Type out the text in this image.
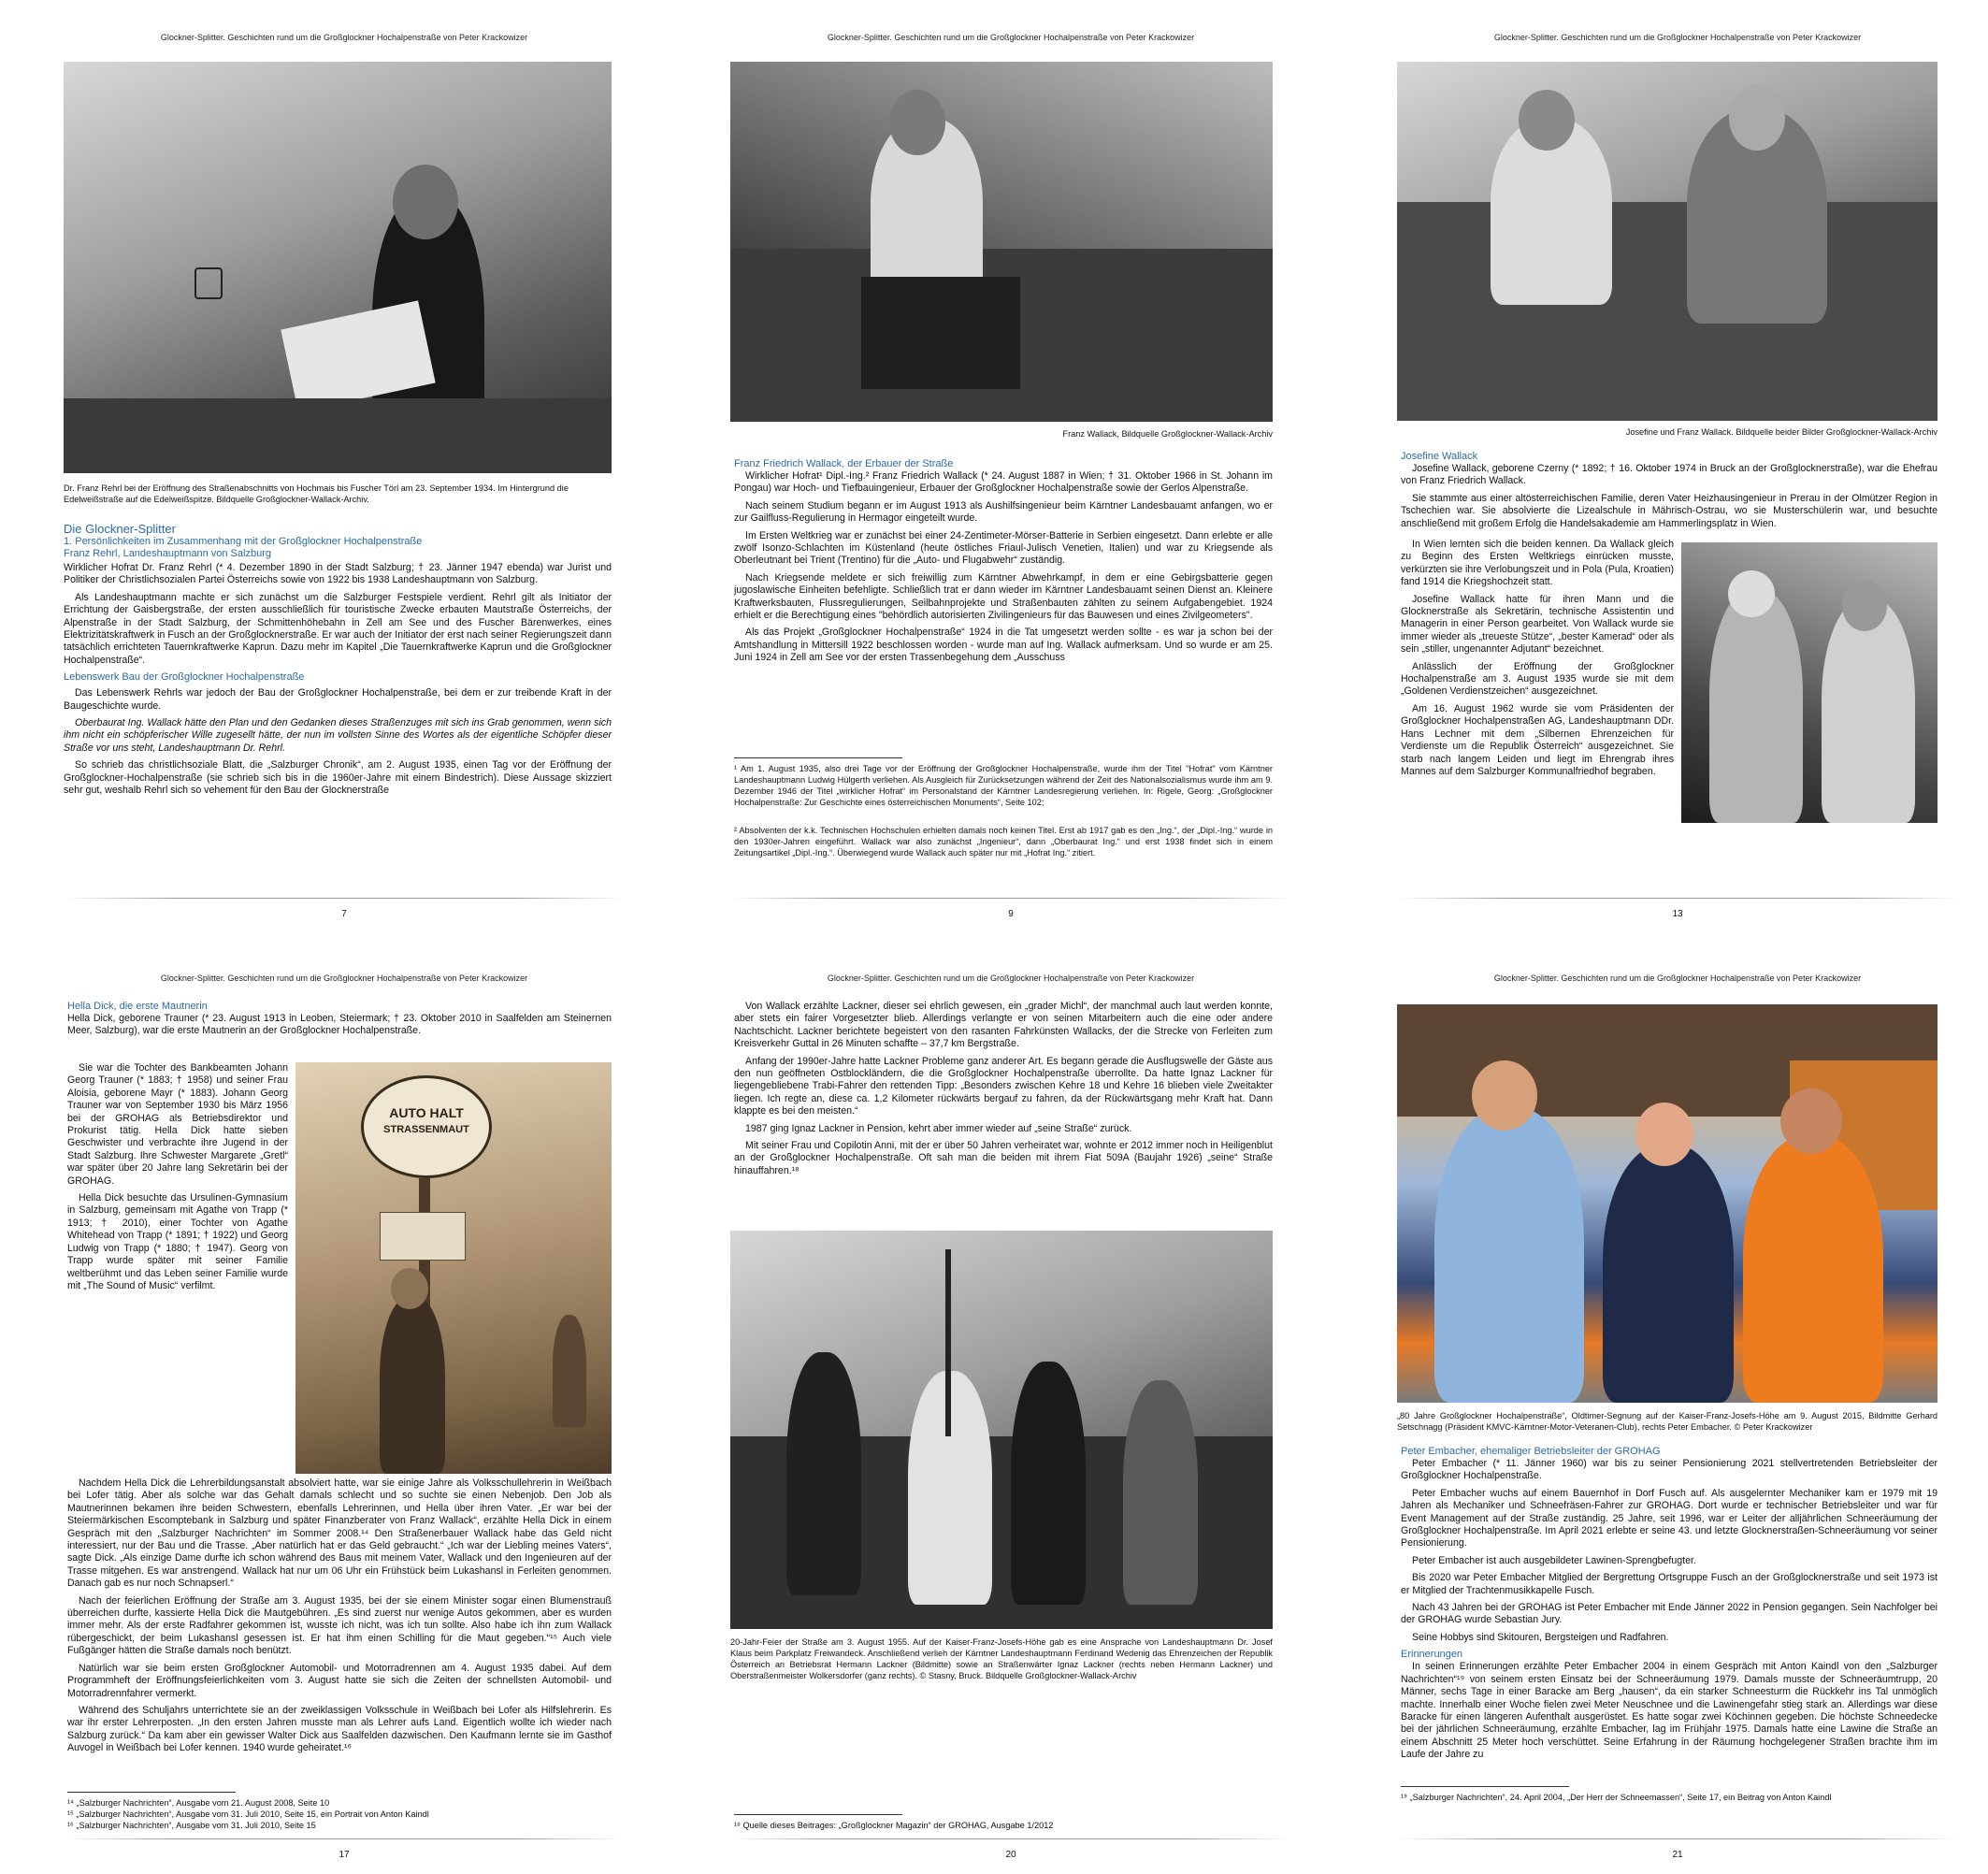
Glockner-Splitter. Geschichten rund um die Großglockner Hochalpenstraße von Peter Krackowizer
Dr. Franz Rehrl bei der Eröffnung des Straßenabschnitts von Hochmais bis Fuscher Törl am 23. September 1934. Im Hintergrund die Edelweißstraße auf die Edelweißspitze. Bildquelle Großglockner-Wallack-Archiv.
Die Glockner-Splitter
1. Persönlichkeiten im Zusammenhang mit der Großglockner Hochalpenstraße
Franz Rehrl, Landeshauptmann von Salzburg

Wirklicher Hofrat Dr. Franz Rehrl (* 4. Dezember 1890 in der Stadt Salzburg; † 23. Jänner 1947 ebenda) war Jurist und Politiker der Christlichsozialen Partei Österreichs sowie von 1922 bis 1938 Landeshauptmann von Salzburg.

Als Landeshauptmann machte er sich zunächst um die Salzburger Festspiele verdient. Rehrl gilt als Initiator der Errichtung der Gaisbergstraße, der ersten ausschließlich für touristische Zwecke erbauten Mautstraße Österreichs, der Alpenstraße in der Stadt Salzburg, der Schmittenhöhebahn in Zell am See und des Fuscher Bärenwerkes, eines Elektrizitätskraftwerk in Fusch an der Großglocknerstraße. Er war auch der Initiator der erst nach seiner Regierungszeit dann tatsächlich errichteten Tauernkraftwerke Kaprun. Dazu mehr im Kapitel „Die Tauernkraftwerke Kaprun und die Großglockner Hochalpenstraße“.

Lebenswerk Bau der Großglockner Hochalpenstraße

Das Lebenswerk Rehrls war jedoch der Bau der Großglockner Hochalpenstraße, bei dem er zur treibende Kraft in der Baugeschichte wurde.

Oberbaurat Ing. Wallack hätte den Plan und den Gedanken dieses Straßenzuges mit sich ins Grab genommen, wenn sich ihm nicht ein schöpferischer Wille zugesellt hätte, der nun im vollsten Sinne des Wortes als der eigentliche Schöpfer dieser Straße vor uns steht, Landeshauptmann Dr. Rehrl.

So schrieb das christlichsoziale Blatt, die „Salzburger Chronik“, am 2. August 1935, einen Tag vor der Eröffnung der Großglockner-Hochalpenstraße (sie schrieb sich bis in die 1960er-Jahre mit einem Bindestrich). Diese Aussage skizziert sehr gut, weshalb Rehrl sich so vehement für den Bau der Glocknerstraße

7
Glockner-Splitter. Geschichten rund um die Großglockner Hochalpenstraße von Peter Krackowizer
Franz Wallack, Bildquelle Großglockner-Wallack-Archiv
Franz Friedrich Wallack, der Erbauer der Straße

Wirklicher Hofrat¹ Dipl.-Ing.² Franz Friedrich Wallack (* 24. August 1887 in Wien; † 31. Oktober 1966 in St. Johann im Pongau) war Hoch- und Tiefbauingenieur, Erbauer der Großglockner Hochalpenstraße sowie der Gerlos Alpenstraße.

Nach seinem Studium begann er im August 1913 als Aushilfsingenieur beim Kärntner Landesbauamt anfangen, wo er zur Gailfluss-Regulierung in Hermagor eingeteilt wurde.

Im Ersten Weltkrieg war er zunächst bei einer 24-Zentimeter-Mörser-Batterie in Serbien eingesetzt. Dann erlebte er alle zwölf Isonzo-Schlachten im Küstenland (heute östliches Friaul-Julisch Venetien, Italien) und war zu Kriegsende als Oberleutnant bei Trient (Trentino) für die „Auto- und Flugabwehr“ zuständig.

Nach Kriegsende meldete er sich freiwillig zum Kärntner Abwehrkampf, in dem er eine Gebirgsbatterie gegen jugoslawische Einheiten befehligte. Schließlich trat er dann wieder im Kärntner Landesbauamt seinen Dienst an. Kleinere Kraftwerksbauten, Flussregulierungen, Seilbahnprojekte und Straßenbauten zählten zu seinem Aufgabengebiet. 1924 erhielt er die Berechtigung eines "behördlich autorisierten Zivilingenieurs für das Bauwesen und eines Zivilgeometers".

Als das Projekt „Großglockner Hochalpenstraße“ 1924 in die Tat umgesetzt werden sollte - es war ja schon bei der Amtshandlung in Mittersill 1922 beschlossen worden - wurde man auf Ing. Wallack aufmerksam. Und so wurde er am 25. Juni 1924 in Zell am See vor der ersten Trassenbegehung dem „Ausschuss

¹ Am 1. August 1935, also drei Tage vor der Eröffnung der Großglockner Hochalpenstraße, wurde ihm der Titel "Hofrat" vom Kärntner Landeshauptmann Ludwig Hülgerth verliehen. Als Ausgleich für Zurücksetzungen während der Zeit des Nationalsozialismus wurde ihm am 9. Dezember 1946 der Titel „wirklicher Hofrat“ im Personalstand der Kärntner Landesregierung verliehen. In: Rigele, Georg: „Großglockner Hochalpenstraße: Zur Geschichte eines österreichischen Monuments“, Seite 102;
² Absolventen der k.k. Technischen Hochschulen erhielten damals noch keinen Titel. Erst ab 1917 gab es den „Ing.“, der „Dipl.-Ing.“ wurde in den 1930er-Jahren eingeführt. Wallack war also zunächst „Ingenieur“, dann „Oberbaurat Ing.“ und erst 1938 findet sich in einem Zeitungsartikel „Dipl.-Ing.“. Überwiegend wurde Wallack auch später nur mit „Hofrat Ing.“ zitiert.
9
Glockner-Splitter. Geschichten rund um die Großglockner Hochalpenstraße von Peter Krackowizer
Josefine und Franz Wallack. Bildquelle beider Bilder Großglockner-Wallack-Archiv
Josefine Wallack

Josefine Wallack, geborene Czerny (* 1892; † 16. Oktober 1974 in Bruck an der Großglocknerstraße), war die Ehefrau von Franz Friedrich Wallack.

Sie stammte aus einer altösterreichischen Familie, deren Vater Heizhausingenieur in Prerau in der Olmützer Region in Tschechien war. Sie absolvierte die Lizealschule in Mährisch-Ostrau, wo sie Musterschülerin war, und besuchte anschließend mit großem Erfolg die Handelsakademie am Hammerlingsplatz in Wien.

In Wien lernten sich die beiden kennen. Da Wallack gleich zu Beginn des Ersten Weltkriegs einrücken musste, verkürzten sie ihre Verlobungszeit und in Pola (Pula, Kroatien) fand 1914 die Kriegshochzeit statt.

Josefine Wallack hatte für ihren Mann und die Glocknerstraße als Sekretärin, technische Assistentin und Managerin in einer Person gearbeitet. Von Wallack wurde sie immer wieder als „treueste Stütze“, „bester Kamerad“ oder als sein „stiller, ungenannter Adjutant“ bezeichnet.

Anlässlich der Eröffnung der Großglockner Hochalpenstraße am 3. August 1935 wurde sie mit dem „Goldenen Verdienstzeichen“ ausgezeichnet.

Am 16. August 1962 wurde sie vom Präsidenten der Großglockner Hochalpenstraßen AG, Landeshauptmann DDr. Hans Lechner mit dem „Silbernen Ehrenzeichen für Verdienste um die Republik Österreich“ ausgezeichnet. Sie starb nach langem Leiden und liegt im Ehrengrab ihres Mannes auf dem Salzburger Kommunalfriedhof begraben.

13
Glockner-Splitter. Geschichten rund um die Großglockner Hochalpenstraße von Peter Krackowizer
Hella Dick, die erste Mautnerin

Hella Dick, geborene Trauner (* 23. August 1913 in Leoben, Steiermark; † 23. Oktober 2010 in Saalfelden am Steinernen Meer, Salzburg), war die erste Mautnerin an der Großglockner Hochalpenstraße.

AUTO HALT
STRASSENMAUT

Sie war die Tochter des Bankbeamten Johann Georg Trauner (* 1883; † 1958) und seiner Frau Aloisia, geborene Mayr (* 1883). Johann Georg Trauner war von September 1930 bis März 1956 bei der GROHAG als Betriebsdirektor und Prokurist tätig. Hella Dick hatte sieben Geschwister und verbrachte ihre Jugend in der Stadt Salzburg. Ihre Schwester Margarete „Gretl“ war später über 20 Jahre lang Sekretärin bei der GROHAG.

Hella Dick besuchte das Ursulinen-Gymnasium in Salzburg, gemeinsam mit Agathe von Trapp (* 1913; † 2010), einer Tochter von Agathe Whitehead von Trapp (* 1891; † 1922) und Georg Ludwig von Trapp (* 1880; † 1947). Georg von Trapp wurde später mit seiner Familie weltberühmt und das Leben seiner Familie wurde mit „The Sound of Music“ verfilmt.

Nachdem Hella Dick die Lehrerbildungsanstalt absolviert hatte, war sie einige Jahre als Volksschullehrerin in Weißbach bei Lofer tätig. Aber als solche war das Gehalt damals schlecht und so suchte sie einen Nebenjob. Den Job als Mautnerinnen bekamen ihre beiden Schwestern, ebenfalls Lehrerinnen, und Hella über ihren Vater. „Er war bei der Steiermärkischen Escomptebank in Salzburg und später Finanzberater von Franz Wallack“, erzählte Hella Dick in einem Gespräch mit den „Salzburger Nachrichten“ im Sommer 2008.¹⁴ Den Straßenerbauer Wallack habe das Geld nicht interessiert, nur der Bau und die Trasse. „Aber natürlich hat er das Geld gebraucht.“ „Ich war der Liebling meines Vaters“, sagte Dick. „Als einzige Dame durfte ich schon während des Baus mit meinem Vater, Wallack und den Ingenieuren auf der Trasse mitgehen. Es war anstrengend. Wallack hat nur um 06 Uhr ein Frühstück beim Lukashansl in Ferleiten genommen. Danach gab es nur noch Schnapserl.“

Nach der feierlichen Eröffnung der Straße am 3. August 1935, bei der sie einem Minister sogar einen Blumenstrauß überreichen durfte, kassierte Hella Dick die Mautgebühren. „Es sind zuerst nur wenige Autos gekommen, aber es wurden immer mehr. Als der erste Radfahrer gekommen ist, wusste ich nicht, was ich tun sollte. Also habe ich ihn zum Wallack rübergeschickt, der beim Lukashansl gesessen ist. Er hat ihm einen Schilling für die Maut gegeben.“¹⁵ Auch viele Fußgänger hätten die Straße damals noch benützt.

Natürlich war sie beim ersten Großglockner Automobil- und Motorradrennen am 4. August 1935 dabei. Auf dem Programmheft der Eröffnungsfeierlichkeiten vom 3. August hatte sie sich die Zeiten der schnellsten Automobil- und Motorradrennfahrer vermerkt.

Während des Schuljahrs unterrichtete sie an der zweiklassigen Volksschule in Weißbach bei Lofer als Hilfslehrerin. Es war ihr erster Lehrerposten. „In den ersten Jahren musste man als Lehrer aufs Land. Eigentlich wollte ich wieder nach Salzburg zurück.“ Da kam aber ein gewisser Walter Dick aus Saalfelden dazwischen. Den Kaufmann lernte sie im Gasthof Auvogel in Weißbach bei Lofer kennen. 1940 wurde geheiratet.¹⁶

¹⁴ „Salzburger Nachrichten“, Ausgabe vom 21. August 2008, Seite 10
¹⁵ „Salzburger Nachrichten“, Ausgabe vom 31. Juli 2010, Seite 15, ein Portrait von Anton Kaindl
¹⁶ „Salzburger Nachrichten“, Ausgabe vom 31. Juli 2010, Seite 15
17
Glockner-Splitter. Geschichten rund um die Großglockner Hochalpenstraße von Peter Krackowizer

Von Wallack erzählte Lackner, dieser sei ehrlich gewesen, ein „grader Michl“, der manchmal auch laut werden konnte, aber stets ein fairer Vorgesetzter blieb. Allerdings verlangte er von seinen Mitarbeitern auch die eine oder andere Nachtschicht. Lackner berichtete begeistert von den rasanten Fahrkünsten Wallacks, der die Strecke von Ferleiten zum Kreisverkehr Guttal in 26 Minuten schaffte – 37,7 km Bergstraße.

Anfang der 1990er-Jahre hatte Lackner Probleme ganz anderer Art. Es begann gerade die Ausflugswelle der Gäste aus den nun geöffneten Ostblockländern, die die Großglockner Hochalpenstraße überrollte. Da hatte Ignaz Lackner für liegengebliebene Trabi-Fahrer den rettenden Tipp: „Besonders zwischen Kehre 18 und Kehre 16 blieben viele Zweitakter liegen. Ich regte an, diese ca. 1,2 Kilometer rückwärts bergauf zu fahren, da der Rückwärtsgang mehr Kraft hat. Dann klappte es bei den meisten.“

1987 ging Ignaz Lackner in Pension, kehrt aber immer wieder auf „seine Straße“ zurück.

Mit seiner Frau und Copilotin Anni, mit der er über 50 Jahren verheiratet war, wohnte er 2012 immer noch in Heiligenblut an der Großglockner Hochalpenstraße. Oft sah man die beiden mit ihrem Fiat 509A (Baujahr 1926) „seine“ Straße hinauffahren.¹⁸

20-Jahr-Feier der Straße am 3. August 1955. Auf der Kaiser-Franz-Josefs-Höhe gab es eine Ansprache von Landeshauptmann Dr. Josef Klaus beim Parkplatz Freiwandeck. Anschließend verlieh der Kärntner Landeshauptmann Ferdinand Wedenig das Ehrenzeichen der Republik Österreich an Betriebsrat Hermann Lackner (Bildmitte) sowie an Straßenwärter Ignaz Lackner (rechts neben Hermann Lackner) und Oberstraßenmeister Wolkersdorfer (ganz rechts). © Stasny, Bruck. Bildquelle Großglockner-Wallack-Archiv
¹⁸ Quelle dieses Beitrages: „Großglockner Magazin“ der GROHAG, Ausgabe 1/2012
20
Glockner-Splitter. Geschichten rund um die Großglockner Hochalpenstraße von Peter Krackowizer
„80 Jahre Großglockner Hochalpenstraße“, Oldtimer-Segnung auf der Kaiser-Franz-Josefs-Höhe am 9. August 2015, Bildmitte Gerhard Setschnagg (Präsident KMVC-Kärntner-Motor-Veteranen-Club), rechts Peter Embacher. © Peter Krackowizer
Peter Embacher, ehemaliger Betriebsleiter der GROHAG

Peter Embacher (* 11. Jänner 1960) war bis zu seiner Pensionierung 2021 stellvertretenden Betriebsleiter der Großglockner Hochalpenstraße.

Peter Embacher wuchs auf einem Bauernhof in Dorf Fusch auf. Als ausgelernter Mechaniker kam er 1979 mit 19 Jahren als Mechaniker und Schneefräsen-Fahrer zur GROHAG. Dort wurde er technischer Betriebsleiter und war für Event Management auf der Straße zuständig. 25 Jahre, seit 1996, war er Leiter der alljährlichen Schneeräumung der Großglockner Hochalpenstraße. Im April 2021 erlebte er seine 43. und letzte Glocknerstraßen-Schneeräumung vor seiner Pensionierung.

Peter Embacher ist auch ausgebildeter Lawinen-Sprengbefugter.

Bis 2020 war Peter Embacher Mitglied der Bergrettung Ortsgruppe Fusch an der Großglocknerstraße und seit 1973 ist er Mitglied der Trachtenmusikkapelle Fusch.

Nach 43 Jahren bei der GROHAG ist Peter Embacher mit Ende Jänner 2022 in Pension gegangen. Sein Nachfolger bei der GROHAG wurde Sebastian Jury.

Seine Hobbys sind Skitouren, Bergsteigen und Radfahren.

Erinnerungen

In seinen Erinnerungen erzählte Peter Embacher 2004 in einem Gespräch mit Anton Kaindl von den „Salzburger Nachrichten“¹⁹ von seinem ersten Einsatz bei der Schneeräumung 1979. Damals musste der Schneeräumtrupp, 20 Männer, sechs Tage in einer Baracke am Berg „hausen“, da ein starker Schneesturm die Rückkehr ins Tal unmöglich machte. Innerhalb einer Woche fielen zwei Meter Neuschnee und die Lawinengefahr stieg stark an. Allerdings war diese Baracke für einen längeren Aufenthalt ausgerüstet. Es hatte sogar zwei Köchinnen gegeben. Die höchste Schneedecke bei der jährlichen Schneeräumung, erzählte Embacher, lag im Frühjahr 1975. Damals hatte eine Lawine die Straße an einem Abschnitt 25 Meter hoch verschüttet. Seine Erfahrung in der Räumung hochgelegener Straßen brachte ihm im Laufe der Jahre zu

¹⁹ „Salzburger Nachrichten“, 24. April 2004, „Der Herr der Schneemassen“, Seite 17, ein Beitrag von Anton Kaindl
21
